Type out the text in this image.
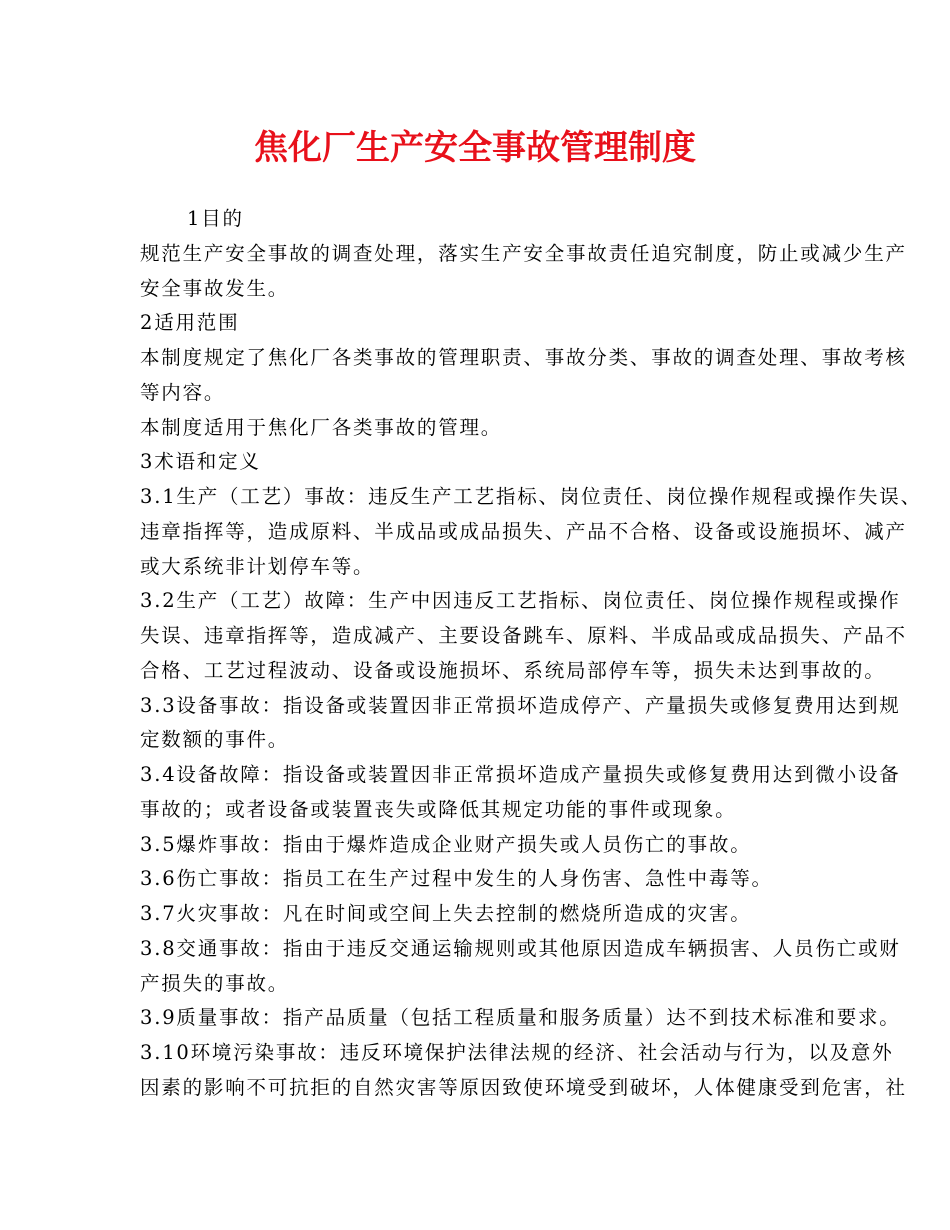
焦化厂生产安全事故管理制度
1目的
规范生产安全事故的调查处理，落实生产安全事故责任追究制度，防止或减少生产
安全事故发生。
2适用范围
本制度规定了焦化厂各类事故的管理职责、事故分类、事故的调查处理、事故考核
等内容。
本制度适用于焦化厂各类事故的管理。
3术语和定义
3.1生产（工艺）事故：违反生产工艺指标、岗位责任、岗位操作规程或操作失误、
违章指挥等，造成原料、半成品或成品损失、产品不合格、设备或设施损坏、减产
或大系统非计划停车等。
3.2生产（工艺）故障：生产中因违反工艺指标、岗位责任、岗位操作规程或操作
失误、违章指挥等，造成减产、主要设备跳车、原料、半成品或成品损失、产品不
合格、工艺过程波动、设备或设施损坏、系统局部停车等，损失未达到事故的。
3.3设备事故：指设备或装置因非正常损坏造成停产、产量损失或修复费用达到规
定数额的事件。
3.4设备故障：指设备或装置因非正常损坏造成产量损失或修复费用达到微小设备
事故的；或者设备或装置丧失或降低其规定功能的事件或现象。
3.5爆炸事故：指由于爆炸造成企业财产损失或人员伤亡的事故。
3.6伤亡事故：指员工在生产过程中发生的人身伤害、急性中毒等。
3.7火灾事故：凡在时间或空间上失去控制的燃烧所造成的灾害。
3.8交通事故：指由于违反交通运输规则或其他原因造成车辆损害、人员伤亡或财
产损失的事故。
3.9质量事故：指产品质量（包括工程质量和服务质量）达不到技术标准和要求。
3.10环境污染事故：违反环境保护法律法规的经济、社会活动与行为，以及意外
因素的影响不可抗拒的自然灾害等原因致使环境受到破坏，人体健康受到危害，社
